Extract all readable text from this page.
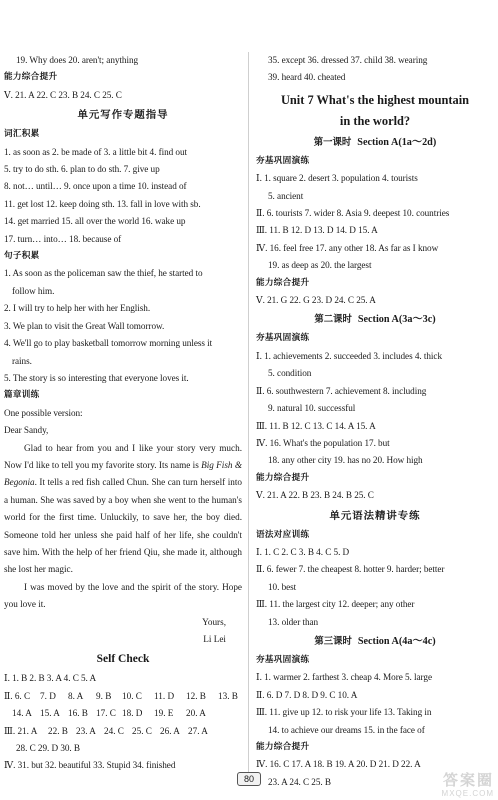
19. Why does 20. aren't; anything
能力综合提升
Ⅴ. 21. A 22. C 23. B 24. C 25. C
单元写作专题指导
词汇积累
1. as soon as 2. be made of 3. a little bit 4. find out
5. try to do sth. 6. plan to do sth. 7. give up
8. not… until… 9. once upon a time 10. instead of
11. get lost 12. keep doing sth. 13. fall in love with sb.
14. get married 15. all over the world 16. wake up
17. turn… into… 18. because of
句子积累
1. As soon as the policeman saw the thief, he started to
follow him.
2. I will try to help her with her English.
3. We plan to visit the Great Wall tomorrow.
4. We'll go to play basketball tomorrow morning unless it
rains.
5. The story is so interesting that everyone loves it.
篇章训练
One possible version:
Dear Sandy,
Glad to hear from you and I like your story very much. Now I'd like to tell you my favorite story. Its name is Big Fish & Begonia. It tells a red fish called Chun. She can turn herself into a human. She was saved by a boy when she went to the human's world for the first time. Unluckily, to save her, the boy died. Someone told her unless she paid half of her life, she couldn't save him. With the help of her friend Qiu, she made it, although she lost her magic.
I was moved by the love and the spirit of the story. Hope you love it.
Yours,
Li Lei
Self Check
Ⅰ. 1. B 2. B 3. A 4. C 5. A
Ⅱ. 6. C	7. D	8. A	9. B	10. C	11. D	12. B	13. B
14. A 15. A 16. B 17. C 18. D	19. E	20. A
Ⅲ. 21. A	22. B 23. A 24. C 25. C 26. A 27. A
28. C 29. D 30. B
Ⅳ. 31. but 32. beautiful 33. Stupid 34. finished
35. except 36. dressed 37. child 38. wearing
39. heard 40. cheated
Unit 7 What's the highest mountain
in the world?
第一课时 Section A(1a～2d)
夯基巩固演练
Ⅰ. 1. square 2. desert 3. population 4. tourists
5. ancient
Ⅱ. 6. tourists 7. wider 8. Asia 9. deepest 10. countries
Ⅲ. 11. B 12. D 13. D 14. D 15. A
Ⅳ. 16. feel free 17. any other 18. As far as I know
19. as deep as 20. the largest
能力综合提升
Ⅴ. 21. G 22. G 23. D 24. C 25. A
第二课时 Section A(3a～3c)
夯基巩固演练
Ⅰ. 1. achievements 2. succeeded 3. includes 4. thick
5. condition
Ⅱ. 6. southwestern 7. achievement 8. including
9. natural 10. successful
Ⅲ. 11. B 12. C 13. C 14. A 15. A
Ⅳ. 16. What's the population 17. but
18. any other city 19. has no 20. How high
能力综合提升
Ⅴ. 21. A 22. B 23. B 24. B 25. C
单元语法精讲专练
语法对应训练
Ⅰ. 1. C 2. C 3. B 4. C 5. D
Ⅱ. 6. fewer 7. the cheapest 8. hotter 9. harder; better
10. best
Ⅲ. 11. the largest city 12. deeper; any other
13. older than
第三课时 Section A(4a～4c)
夯基巩固演练
Ⅰ. 1. warmer 2. farthest 3. cheap 4. More 5. large
Ⅱ. 6. D 7. D 8. D 9. C 10. A
Ⅲ. 11. give up 12. to risk your life 13. Taking in
14. to achieve our dreams 15. in the face of
能力综合提升
Ⅳ. 16. C 17. A 18. B 19. A 20. D 21. D 22. A
23. A 24. C 25. B
80	答案圈
MXQE.COM
